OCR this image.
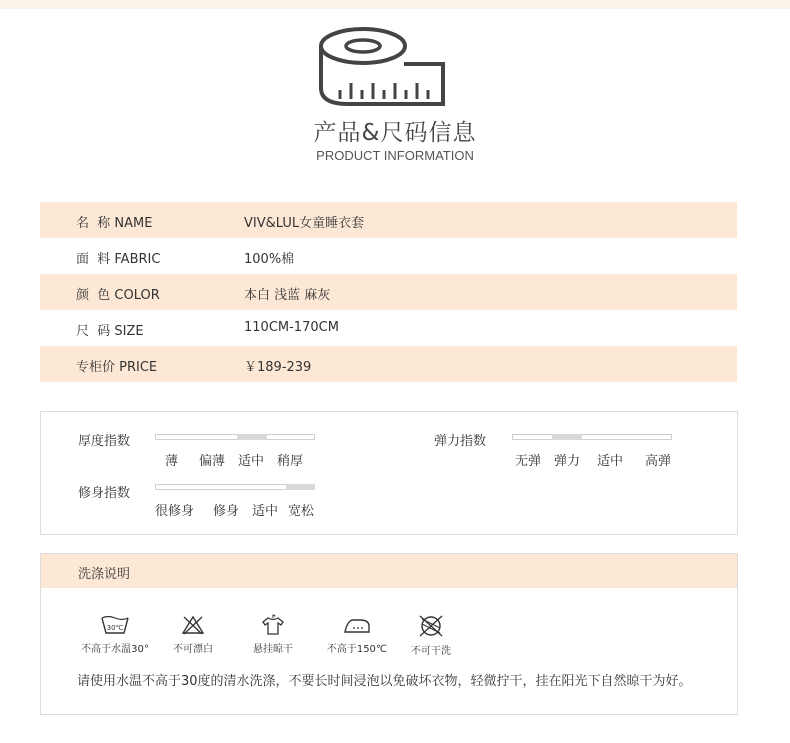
产品&尺码信息
PRODUCT INFORMATION
名  称 NAME	VIV&LUL女童睡衣套
面  料 FABRIC	100%棉
颜  色 COLOR	本白 浅蓝 麻灰
尺  码 SIZE	110CM-170CM
专柜价 PRICE	￥189-239
厚度指数
薄 偏薄 适中 稍厚
弹力指数
无弹 弹力 适中 高弹
修身指数
很修身 修身 适中 宽松
洗涤说明
30℃
不高于水温30°	不可漂白	悬挂晾干	不高于150℃	不可干洗
请使用水温不高于30度的清水洗涤，不要长时间浸泡以免破坏衣物，轻微拧干，挂在阳光下自然晾干为好。
